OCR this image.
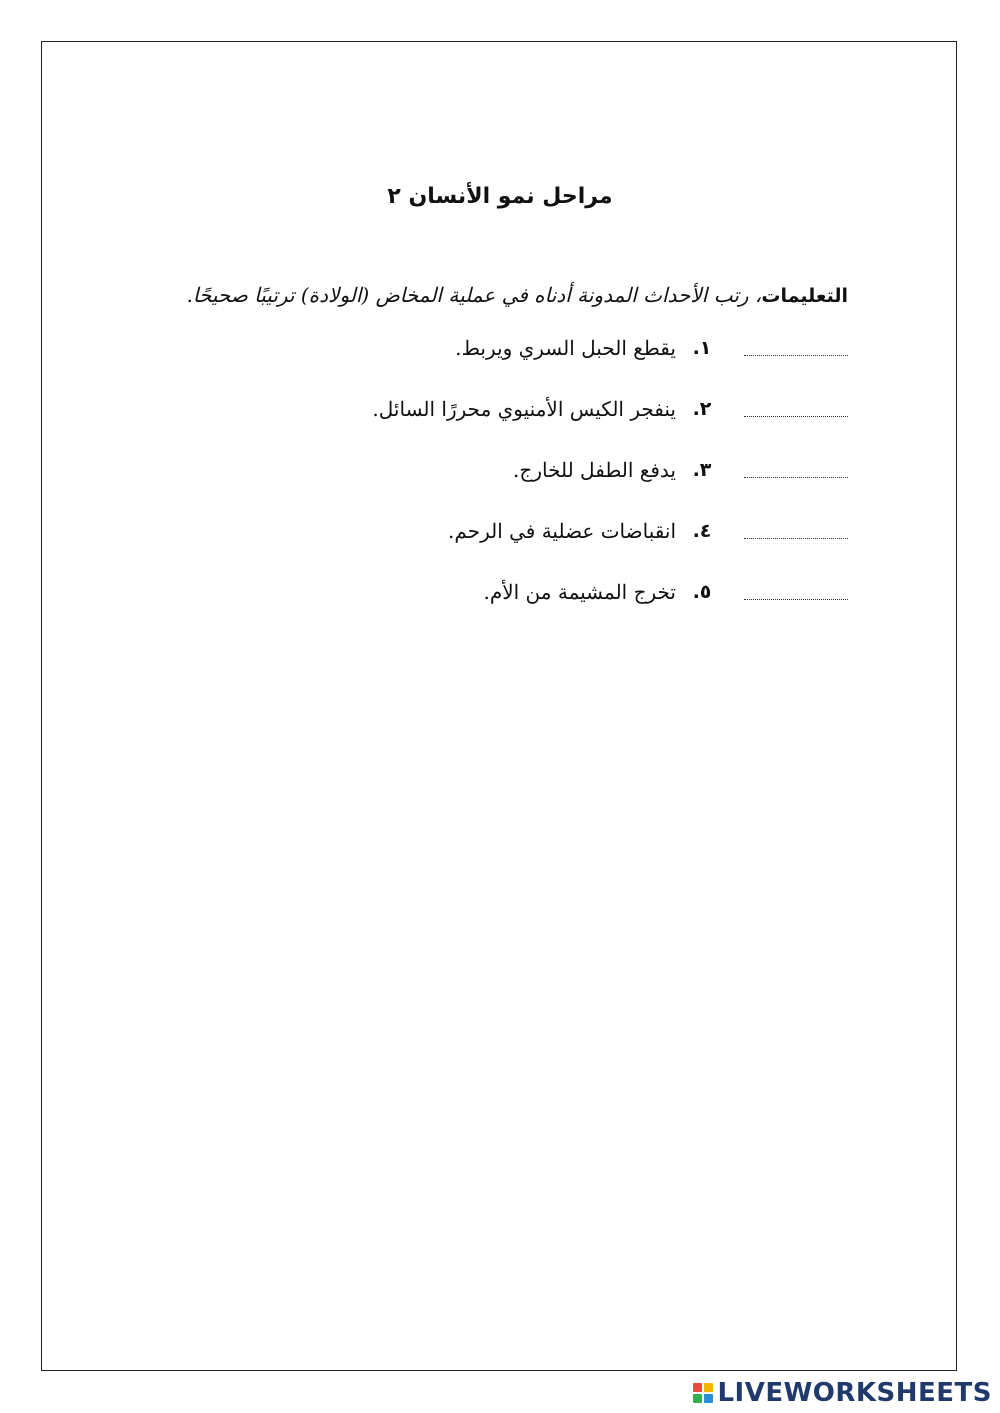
مراحل نمو الأنسان ٢
التعليمات، رتب الأحداث المدونة أدناه في عملية المخاض (الولادة) ترتيبًا صحيحًا.
١.
يقطع الحبل السري ويربط.
٢.
ينفجر الكيس الأمنيوي محررًا السائل.
٣.
يدفع الطفل للخارج.
٤.
انقباضات عضلية في الرحم.
٥.
تخرج المشيمة من الأم.
LIVEWORKSHEETS
